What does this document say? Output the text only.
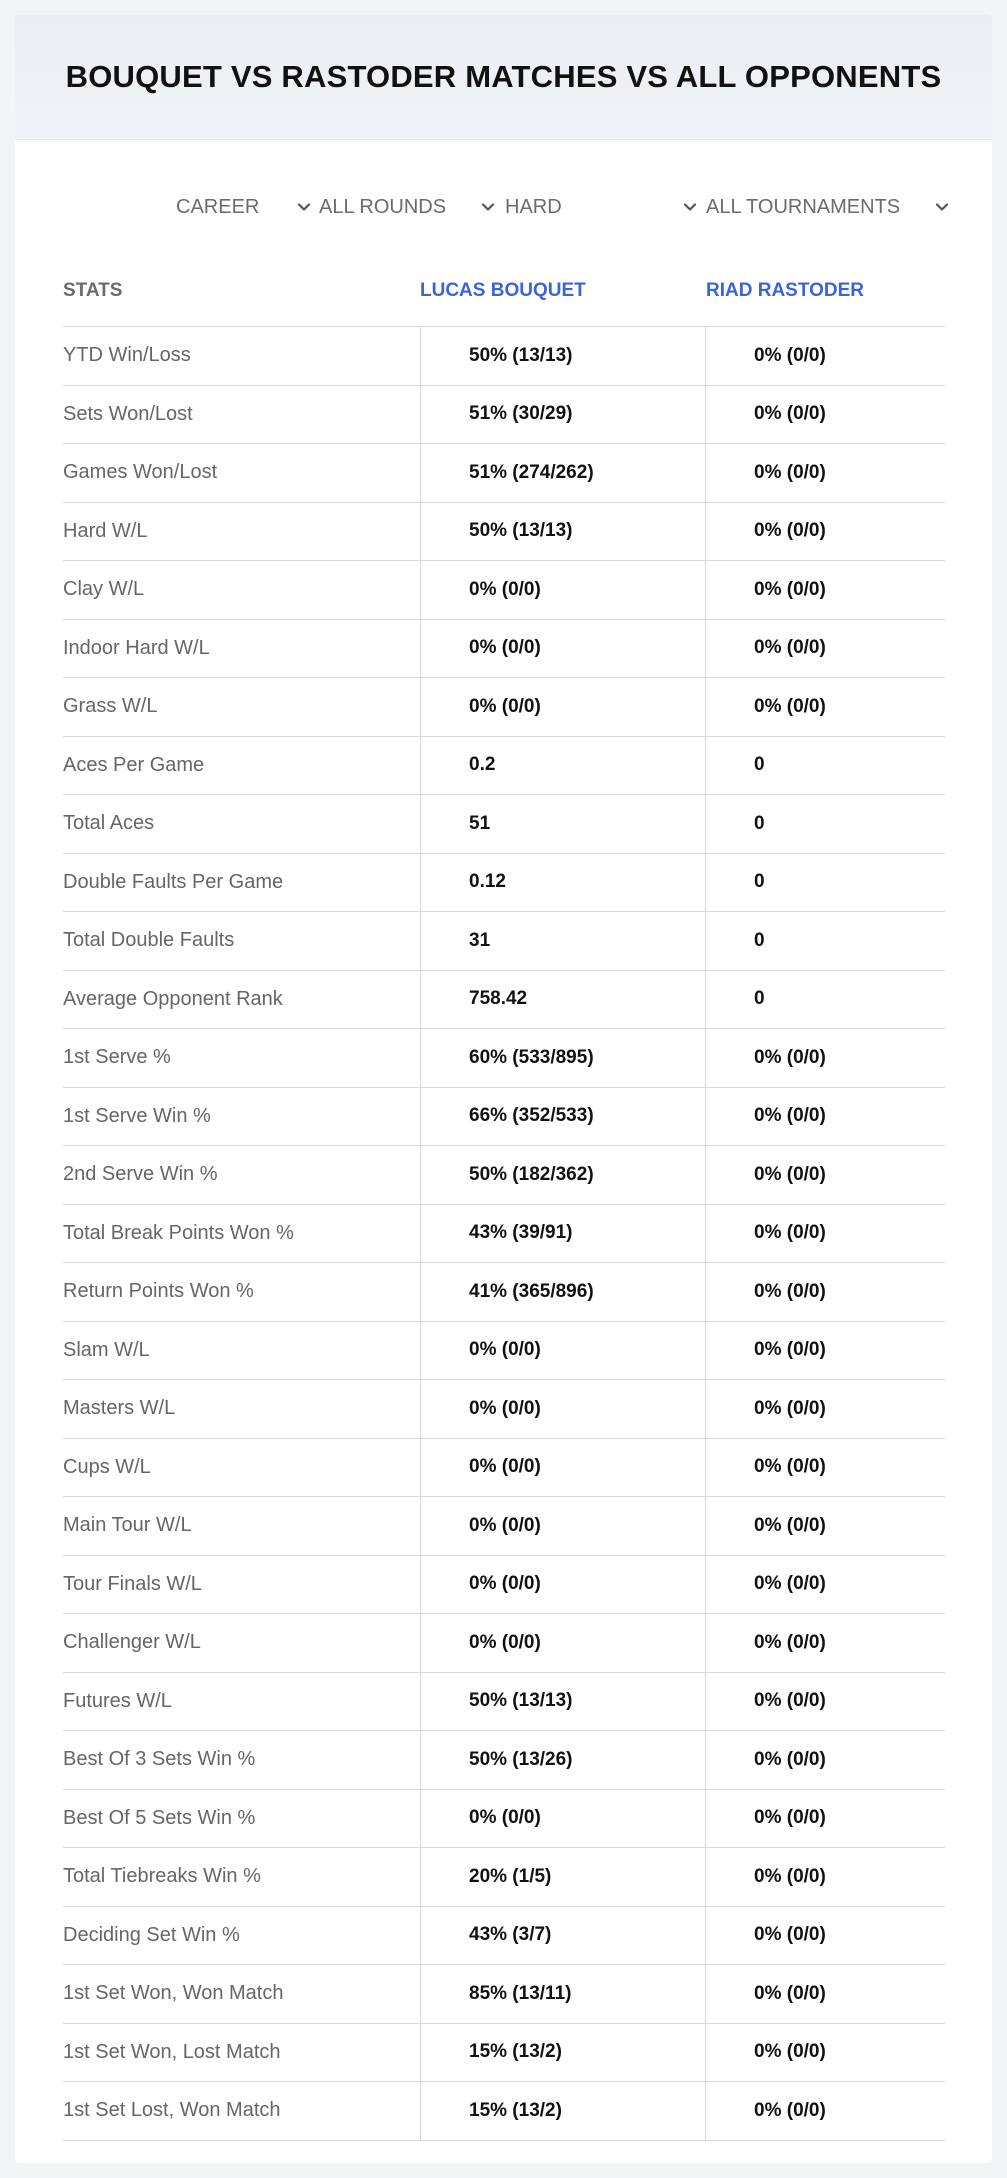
BOUQUET VS RASTODER MATCHES VS ALL OPPONENTS
CAREER	ALL ROUNDS	HARD	ALL TOURNAMENTS
STATS	LUCAS BOUQUET	RIAD RASTODER
YTD Win/Loss	50% (13/13)	0% (0/0)
Sets Won/Lost	51% (30/29)	0% (0/0)
Games Won/Lost	51% (274/262)	0% (0/0)
Hard W/L	50% (13/13)	0% (0/0)
Clay W/L	0% (0/0)	0% (0/0)
Indoor Hard W/L	0% (0/0)	0% (0/0)
Grass W/L	0% (0/0)	0% (0/0)
Aces Per Game	0.2	0
Total Aces	51	0
Double Faults Per Game	0.12	0
Total Double Faults	31	0
Average Opponent Rank	758.42	0
1st Serve %	60% (533/895)	0% (0/0)
1st Serve Win %	66% (352/533)	0% (0/0)
2nd Serve Win %	50% (182/362)	0% (0/0)
Total Break Points Won %	43% (39/91)	0% (0/0)
Return Points Won %	41% (365/896)	0% (0/0)
Slam W/L	0% (0/0)	0% (0/0)
Masters W/L	0% (0/0)	0% (0/0)
Cups W/L	0% (0/0)	0% (0/0)
Main Tour W/L	0% (0/0)	0% (0/0)
Tour Finals W/L	0% (0/0)	0% (0/0)
Challenger W/L	0% (0/0)	0% (0/0)
Futures W/L	50% (13/13)	0% (0/0)
Best Of 3 Sets Win %	50% (13/26)	0% (0/0)
Best Of 5 Sets Win %	0% (0/0)	0% (0/0)
Total Tiebreaks Win %	20% (1/5)	0% (0/0)
Deciding Set Win %	43% (3/7)	0% (0/0)
1st Set Won, Won Match	85% (13/11)	0% (0/0)
1st Set Won, Lost Match	15% (13/2)	0% (0/0)
1st Set Lost, Won Match	15% (13/2)	0% (0/0)
